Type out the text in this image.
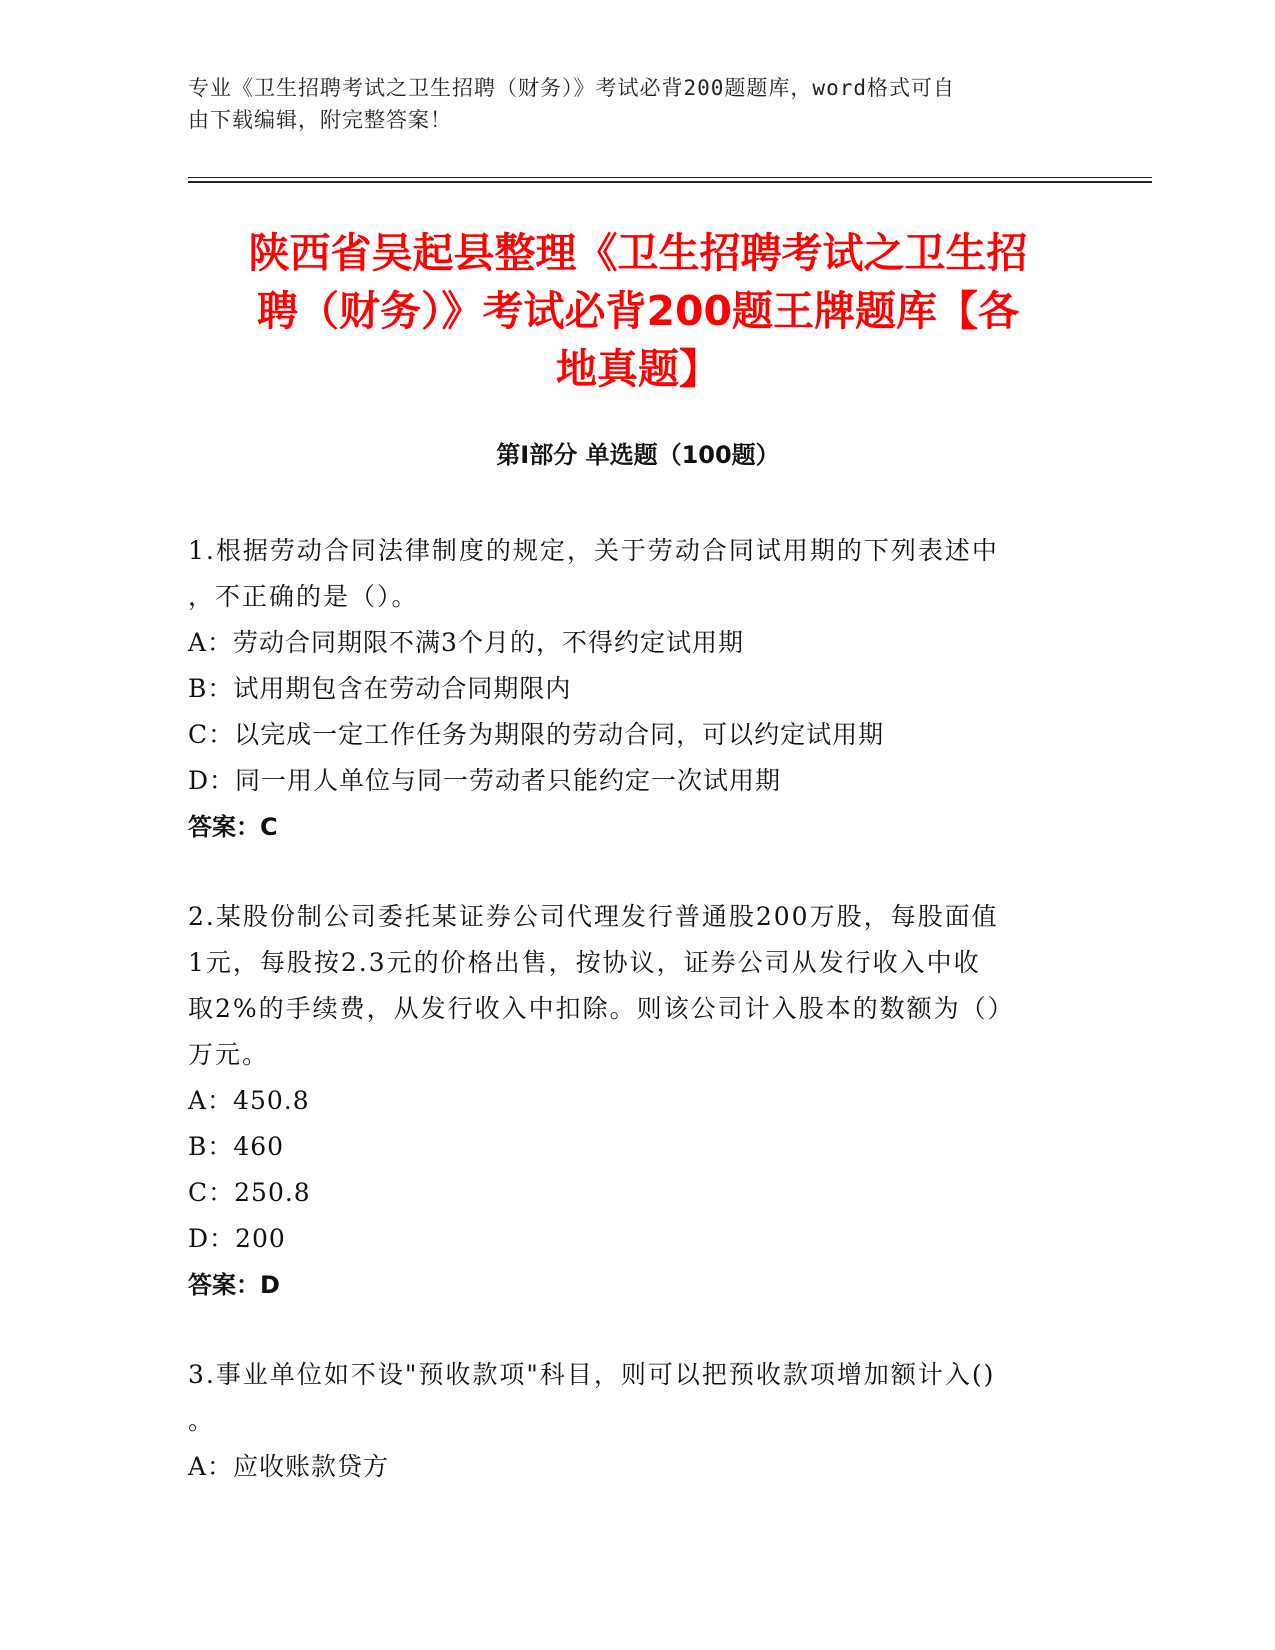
专业《卫生招聘考试之卫生招聘（财务）》考试必背200题题库，word格式可自
由下载编辑，附完整答案！
陕西省吴起县整理《卫生招聘考试之卫生招
聘（财务）》考试必背200题王牌题库【各
地真题】
第Ⅰ部分 单选题（100题）
1.根据劳动合同法律制度的规定，关于劳动合同试用期的下列表述中
，不正确的是（）。
A：劳动合同期限不满3个月的，不得约定试用期
B：试用期包含在劳动合同期限内
C：以完成一定工作任务为期限的劳动合同，可以约定试用期
D：同一用人单位与同一劳动者只能约定一次试用期
答案：C
2.某股份制公司委托某证券公司代理发行普通股200万股，每股面值
1元，每股按2.3元的价格出售，按协议，证券公司从发行收入中收
取2%的手续费，从发行收入中扣除。则该公司计入股本的数额为（）
万元。
A：450.8
B：460
C：250.8
D：200
答案：D
3.事业单位如不设"预收款项"科目，则可以把预收款项增加额计入()
。
A：应收账款贷方
